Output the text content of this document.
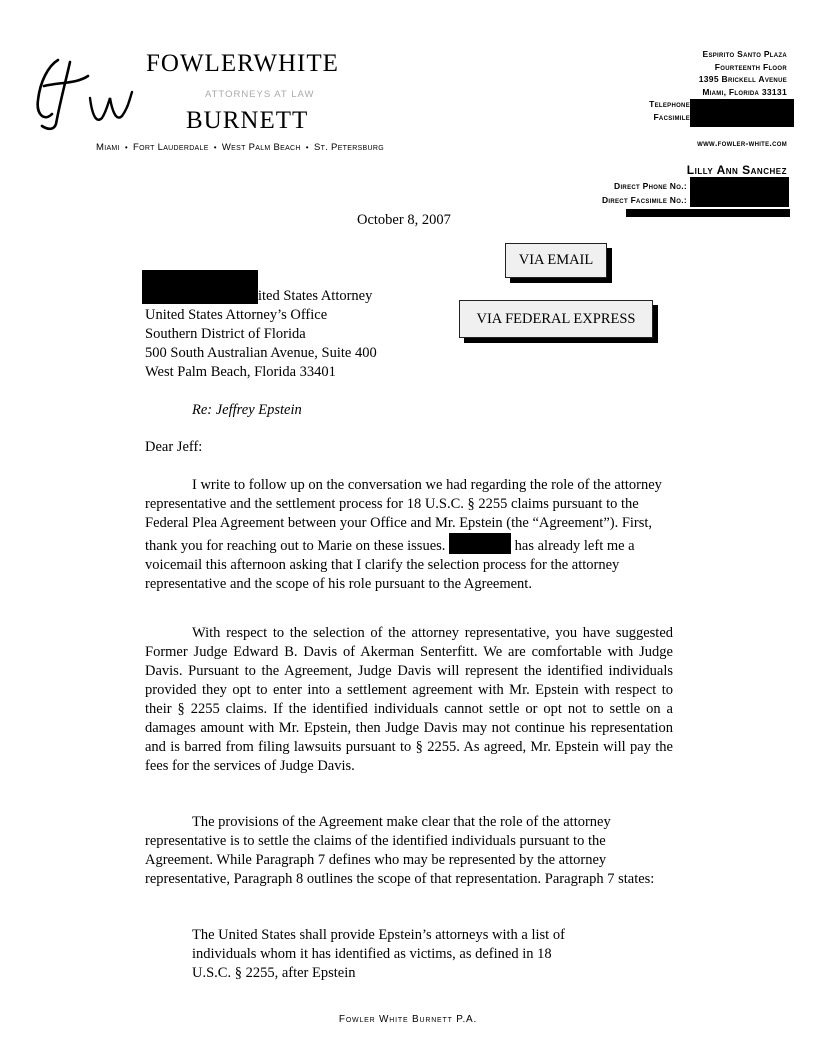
FW	FOWLERWHITE
ATTORNEYS AT LAW
BURNETT
Miami  •  Fort Lauderdale  •  West Palm Beach  •  St. Petersburg
Espirito Santo Plaza
Fourteenth Floor
1395 Brickell Avenue
Miami, Florida 33131
Telephone
Facsimile
www.fowler-white.com
Lilly Ann Sanchez
Direct Phone No.:
Direct Facsimile No.:
October 8, 2007
VIA EMAIL
VIA FEDERAL EXPRESS
ited States Attorney
United States Attorney’s Office
Southern District of Florida
500 South Australian Avenue, Suite 400
West Palm Beach, Florida 33401
Re: Jeffrey Epstein
Dear Jeff:

I write to follow up on the conversation we had regarding the role of the attorney representative and the settlement process for 18 U.S.C. § 2255 claims pursuant to the Federal Plea Agreement between your Office and Mr. Epstein (the “Agreement”). First, thank you for reaching out to Marie on these issues.	has already left me a voicemail this afternoon asking that I clarify the selection process for the attorney representative and the scope of his role pursuant to the Agreement.

With respect to the selection of the attorney representative, you have suggested Former Judge Edward B. Davis of Akerman Senterfitt. We are comfortable with Judge Davis. Pursuant to the Agreement, Judge Davis will represent the identified individuals provided they opt to enter into a settlement agreement with Mr. Epstein with respect to their § 2255 claims. If the identified individuals cannot settle or opt not to settle on a damages amount with Mr. Epstein, then Judge Davis may not continue his representation and is barred from filing lawsuits pursuant to § 2255. As agreed, Mr. Epstein will pay the fees for the services of Judge Davis.

The provisions of the Agreement make clear that the role of the attorney representative is to settle the claims of the identified individuals pursuant to the Agreement. While Paragraph 7 defines who may be represented by the attorney representative, Paragraph 8 outlines the scope of that representation. Paragraph 7 states:

The United States shall provide Epstein’s attorneys with a list of individuals whom it has identified as victims, as defined in 18 U.S.C. § 2255, after Epstein
Fowler White Burnett P.A.
